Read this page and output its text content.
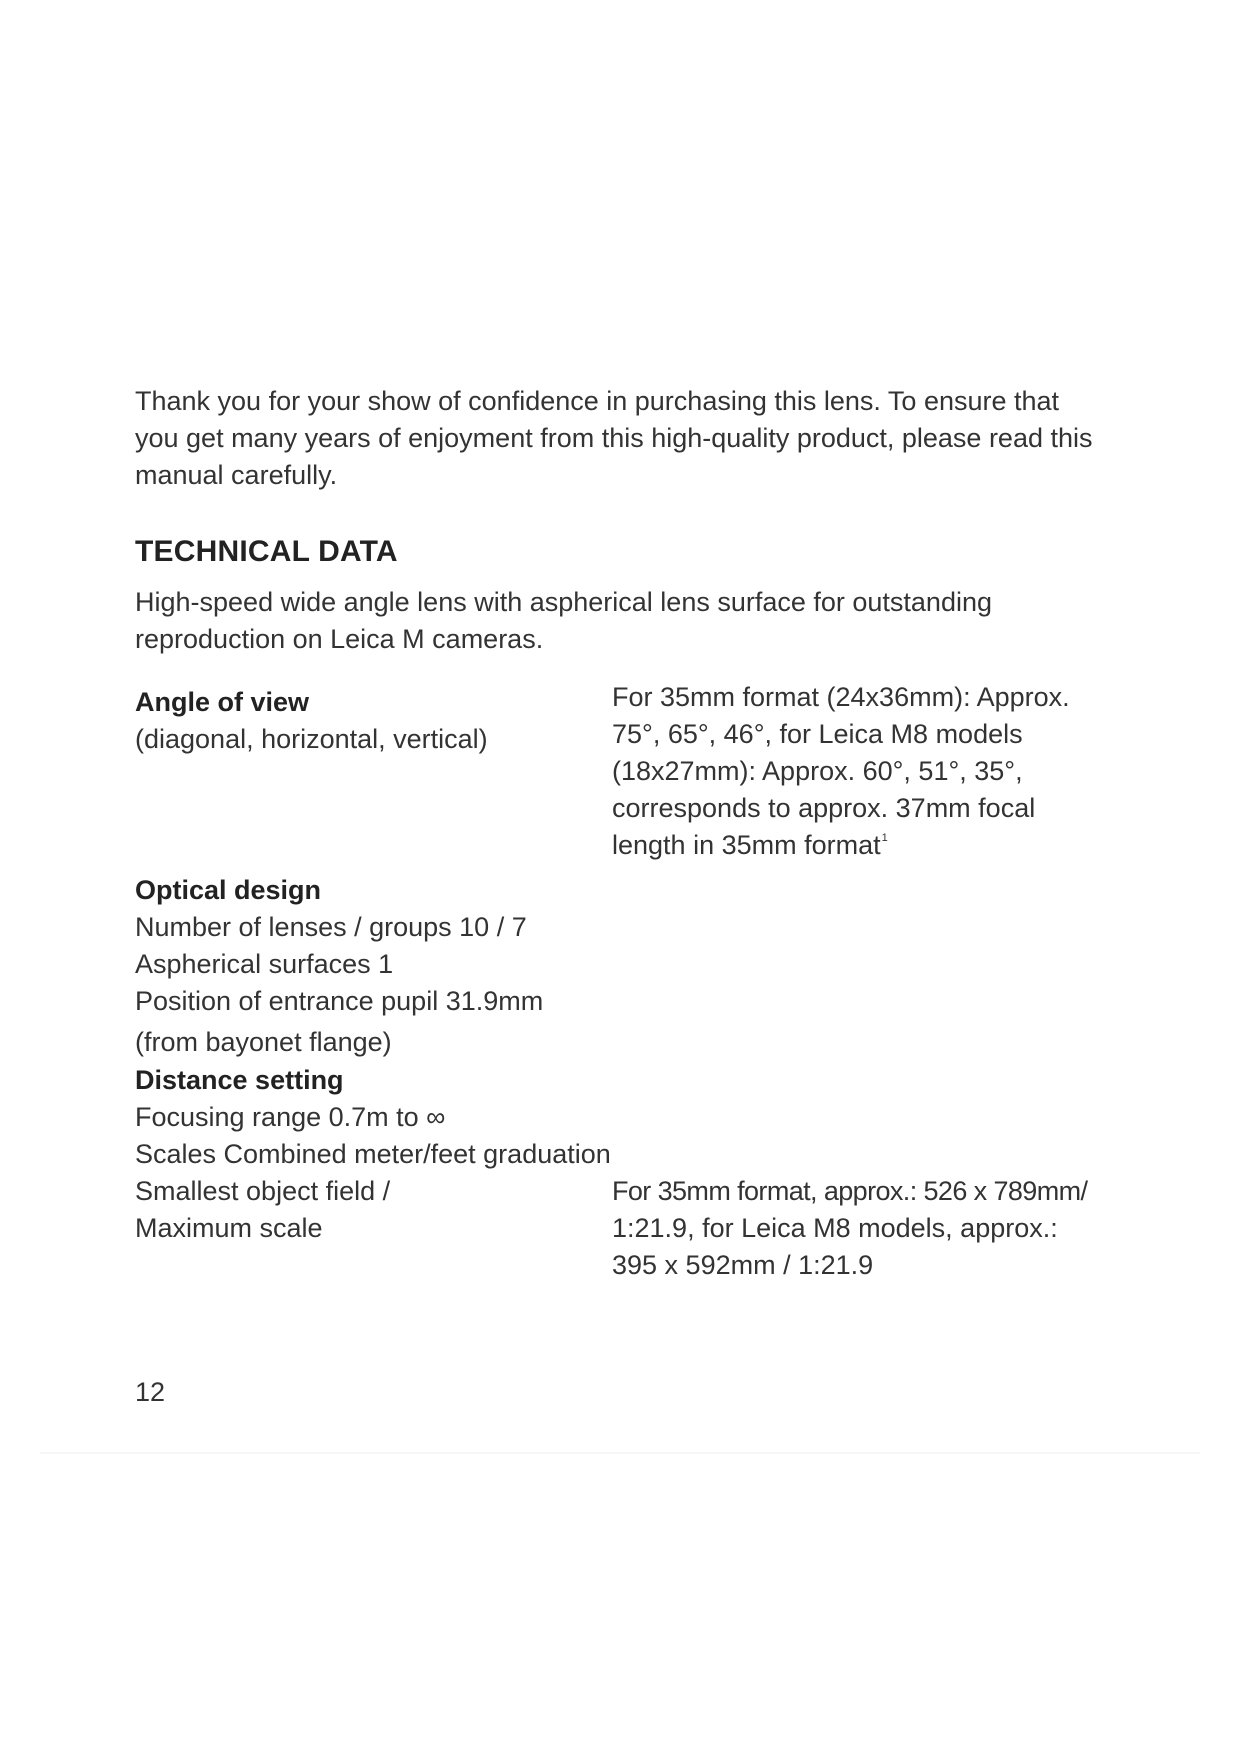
Thank you for your show of confidence in purchasing this lens. To ensure that
you get many years of enjoyment from this high-quality product, please read this
manual carefully.
TECHNICAL DATA
High-speed wide angle lens with aspherical lens surface for outstanding
reproduction on Leica M cameras.
Angle of view
(diagonal, horizontal, vertical)
For 35mm format (24x36mm): Approx.
75°, 65°, 46°, for Leica M8 models
(18x27mm): Approx. 60°, 51°, 35°,
corresponds to approx. 37mm focal
length in 35mm format$^1$
Optical design
Number of lenses / groups 10 / 7
Aspherical surfaces 1
Position of entrance pupil 31.9mm
(from bayonet flange)
Distance setting
Focusing range 0.7m to ∞
Scales Combined meter/feet graduation
Smallest object field /
Maximum scale
For 35mm format, approx.: 526 x 789mm/
1:21.9, for Leica M8 models, approx.:
395 x 592mm / 1:21.9
12
